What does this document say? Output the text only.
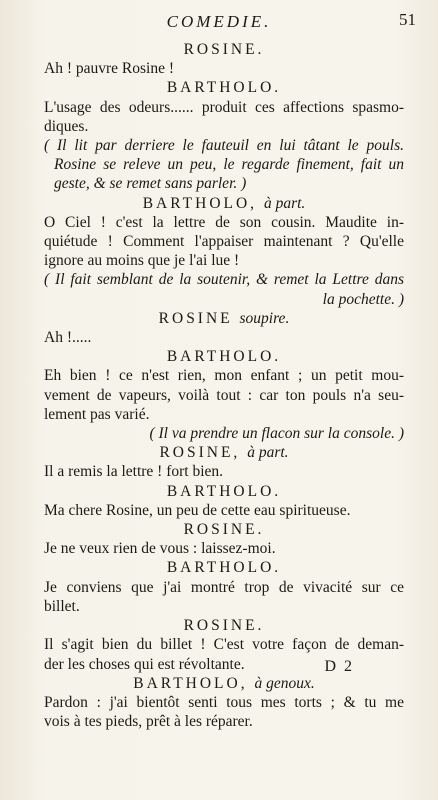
COMEDIE.	51
ROSINE.
Ah ! pauvre Rosine !
BARTHOLO.
L'usage des odeurs...... produit ces affections spasmo-
diques.
( Il lit par derriere le fauteuil en lui tâtant le pouls.
Rosine se releve un peu, le regarde finement, fait un
geste, & se remet sans parler. )
BARTHOLO, à part.
O Ciel ! c'est la lettre de son cousin. Maudite in-
quiétude ! Comment l'appaiser maintenant ? Qu'elle
ignore au moins que je l'ai lue !
( Il fait semblant de la soutenir, & remet la Lettre dans
la pochette. )
ROSINE soupire.
Ah !.....
BARTHOLO.
Eh bien ! ce n'est rien, mon enfant ; un petit mou-
vement de vapeurs, voilà tout : car ton pouls n'a seu-
lement pas varié.
( Il va prendre un flacon sur la console. )
ROSINE, à part.
Il a remis la lettre ! fort bien.
BARTHOLO.
Ma chere Rosine, un peu de cette eau spiritueuse.
ROSINE.
Je ne veux rien de vous : laissez-moi.
BARTHOLO.
Je conviens que j'ai montré trop de vivacité sur ce
billet.
ROSINE.
Il s'agit bien du billet ! C'est votre façon de deman-
der les choses qui est révoltante.
BARTHOLO, à genoux.
Pardon : j'ai bientôt senti tous mes torts ; & tu me
vois à tes pieds, prêt à les réparer.
D 2
